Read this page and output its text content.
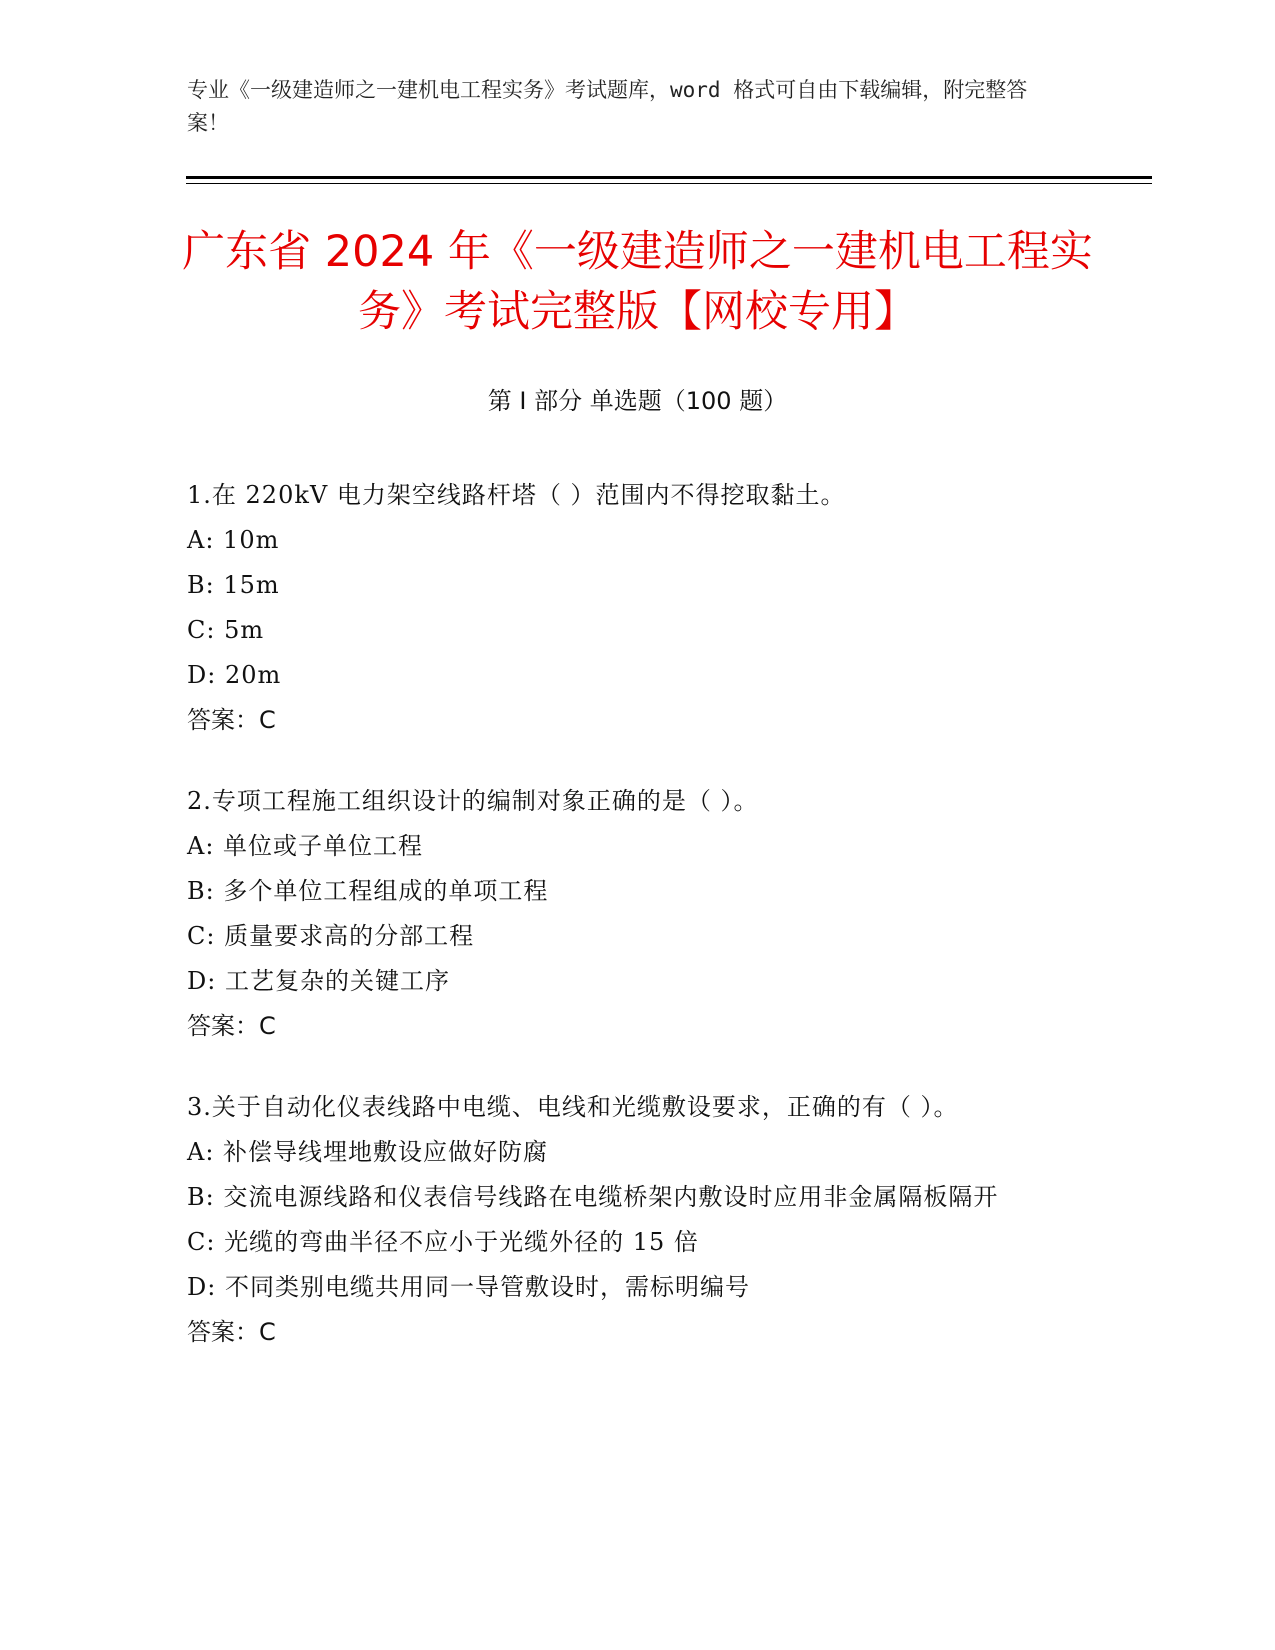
专业《一级建造师之一建机电工程实务》考试题库，word 格式可自由下载编辑，附完整答案！
广东省 2024 年《一级建造师之一建机电工程实务》考试完整版【网校专用】
第 I 部分 单选题（100 题）
1.在 220kV 电力架空线路杆塔（ ）范围内不得挖取黏土。
A: 10m
B: 15m
C: 5m
D: 20m
答案：C
2.专项工程施工组织设计的编制对象正确的是（ ）。
A: 单位或子单位工程
B: 多个单位工程组成的单项工程
C: 质量要求高的分部工程
D: 工艺复杂的关键工序
答案：C
3.关于自动化仪表线路中电缆、电线和光缆敷设要求，正确的有（ ）。
A: 补偿导线埋地敷设应做好防腐
B: 交流电源线路和仪表信号线路在电缆桥架内敷设时应用非金属隔板隔开
C: 光缆的弯曲半径不应小于光缆外径的 15 倍
D: 不同类别电缆共用同一导管敷设时，需标明编号
答案：C
